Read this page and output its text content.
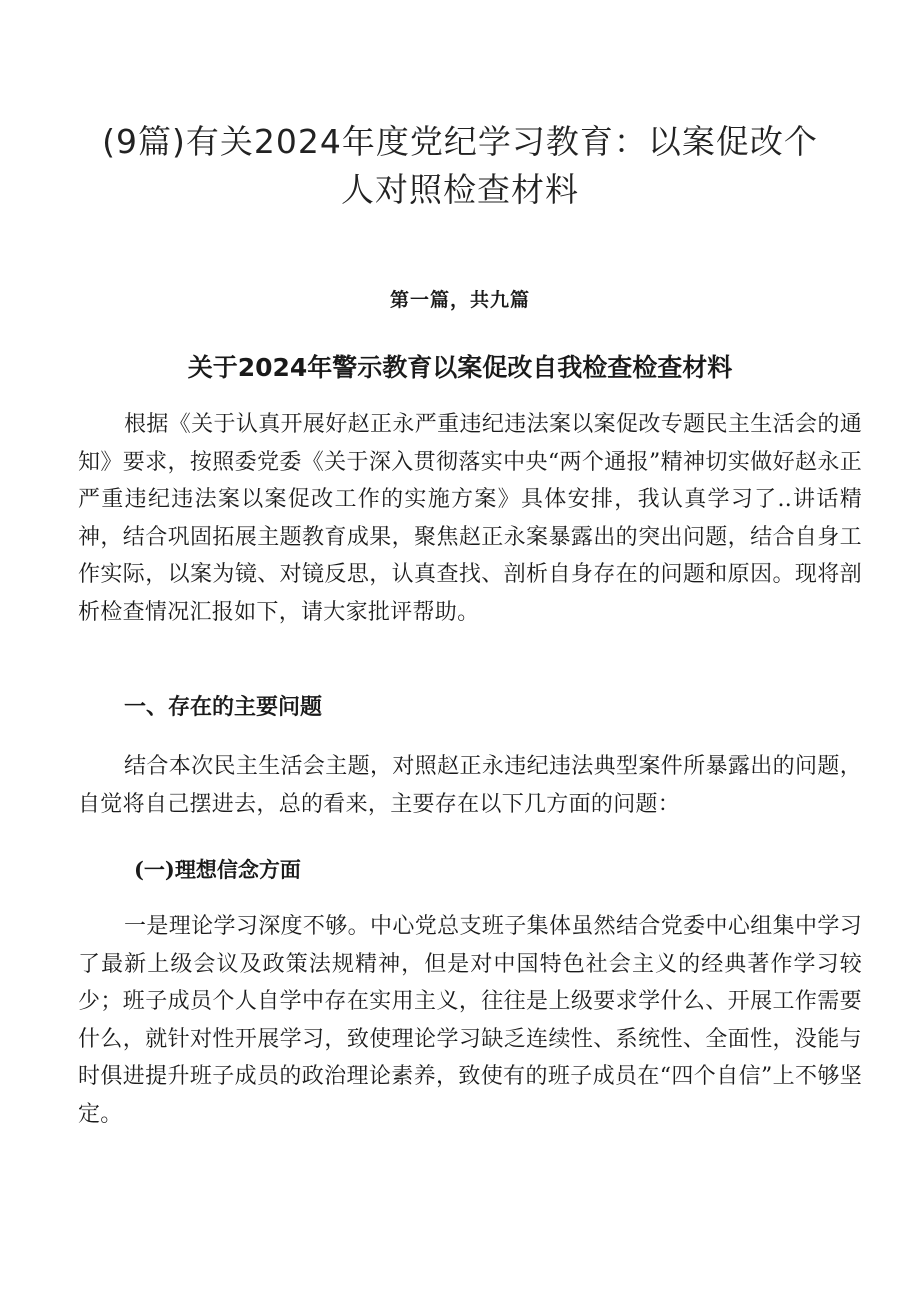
(9篇)有关2024年度党纪学习教育：以案促改个人对照检查材料
第一篇，共九篇
关于2024年警示教育以案促改自我检查检查材料

根据《关于认真开展好赵正永严重违纪违法案以案促改专题民主生活会的通知》要求，按照委党委《关于深入贯彻落实中央“两个通报”精神切实做好赵永正严重违纪违法案以案促改工作的实施方案》具体安排，我认真学习了..讲话精神，结合巩固拓展主题教育成果，聚焦赵正永案暴露出的突出问题，结合自身工作实际，以案为镜、对镜反思，认真查找、剖析自身存在的问题和原因。现将剖析检查情况汇报如下，请大家批评帮助。

一、存在的主要问题

结合本次民主生活会主题，对照赵正永违纪违法典型案件所暴露出的问题，自觉将自己摆进去，总的看来，主要存在以下几方面的问题：

(一)理想信念方面

一是理论学习深度不够。中心党总支班子集体虽然结合党委中心组集中学习了最新上级会议及政策法规精神，但是对中国特色社会主义的经典著作学习较少；班子成员个人自学中存在实用主义，往往是上级要求学什么、开展工作需要什么，就针对性开展学习，致使理论学习缺乏连续性、系统性、全面性，没能与时俱进提升班子成员的政治理论素养，致使有的班子成员在“四个自信”上不够坚定。
